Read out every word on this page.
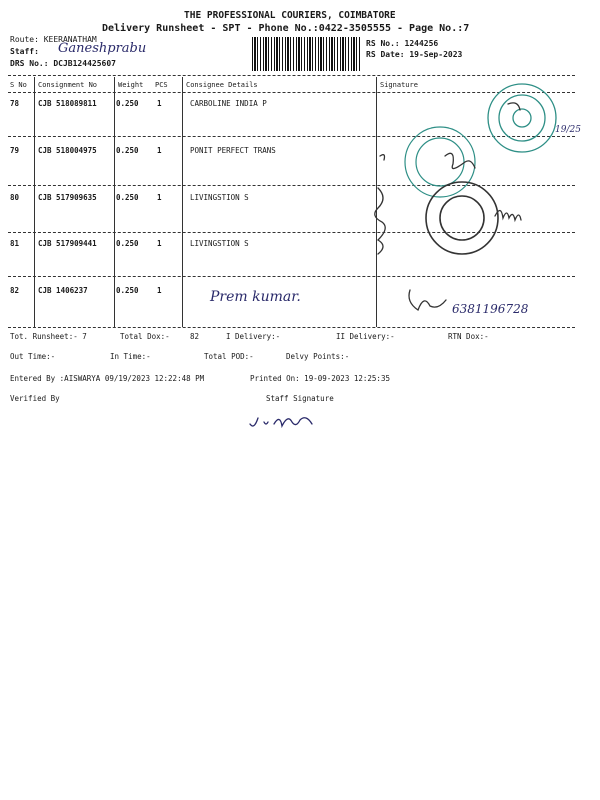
THE PROFESSIONAL COURIERS, COIMBATORE
Delivery Runsheet - SPT - Phone No.:0422-3505555 - Page No.:7
Route: KEERANATHAM
Staff: Ganeshprabu
DRS No.: DCJB124425607
RS No.: 1244256
RS Date: 19-Sep-2023
S No Consignment No	Weight PCS	Consignee Details	Signature
78	CJB 518089811	0.250 1	CARBOLINE INDIA P
79	CJB 518004975	0.250 1	PONIT PERFECT TRANS
80	CJB 517909635	0.250 1	LIVINGSTION S
81	CJB 517909441	0.250 1	LIVINGSTION S
82	CJB 1406237	0.250 1	Prem kumar.
6381196728
19/25
Tot. Runsheet:- 7	Total Dox:-	82	I Delivery:-	II Delivery:-	RTN Dox:-
Out Time:-	In Time:-	Total POD:-	Delvy Points:-
Entered By :AISWARYA 09/19/2023 12:22:48 PM	Printed On: 19-09-2023 12:25:35
Verified By	Staff Signature
